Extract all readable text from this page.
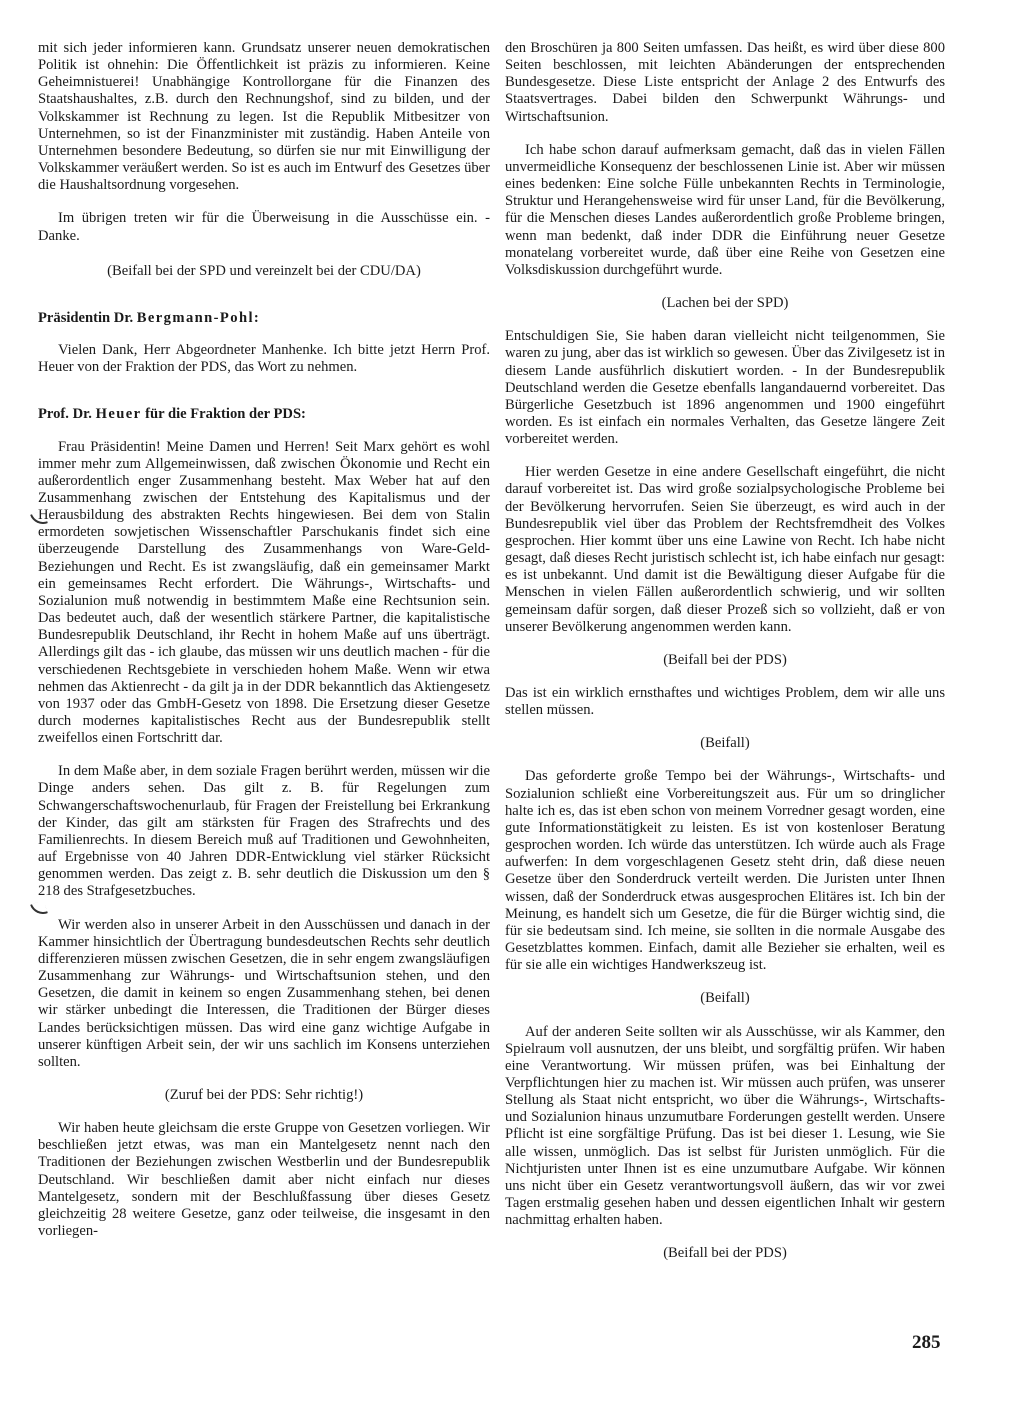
mit sich jeder informieren kann. Grundsatz unserer neuen demokratischen Politik ist ohnehin: Die Öffentlichkeit ist präzis zu informieren. Keine Geheimnistuerei! Unabhängige Kontrollorgane für die Finanzen des Staatshaushaltes, z.B. durch den Rechnungshof, sind zu bilden, und der Volkskammer ist Rechnung zu legen. Ist die Republik Mitbesitzer von Unternehmen, so ist der Finanzminister mit zuständig. Haben Anteile von Unternehmen besondere Bedeutung, so dürfen sie nur mit Einwilligung der Volkskammer veräußert werden. So ist es auch im Entwurf des Gesetzes über die Haushaltsordnung vorgesehen.

Im übrigen treten wir für die Überweisung in die Ausschüsse ein. - Danke.

(Beifall bei der SPD und vereinzelt bei der CDU/DA)

Präsidentin Dr. Bergmann-Pohl:

Vielen Dank, Herr Abgeordneter Manhenke. Ich bitte jetzt Herrn Prof. Heuer von der Fraktion der PDS, das Wort zu nehmen.

Prof. Dr. Heuer für die Fraktion der PDS:

Frau Präsidentin! Meine Damen und Herren! Seit Marx gehört es wohl immer mehr zum Allgemeinwissen, daß zwischen Ökonomie und Recht ein außerordentlich enger Zusammenhang besteht. Max Weber hat auf den Zusammenhang zwischen der Entstehung des Kapitalismus und der Herausbildung des abstrakten Rechts hingewiesen. Bei dem von Stalin ermordeten sowjetischen Wissenschaftler Parschukanis findet sich eine überzeugende Darstellung des Zusammenhangs von Ware-Geld-Beziehungen und Recht. Es ist zwangsläufig, daß ein gemeinsamer Markt ein gemeinsames Recht erfordert. Die Währungs-, Wirtschafts- und Sozialunion muß notwendig in bestimmtem Maße eine Rechtsunion sein. Das bedeutet auch, daß der wesentlich stärkere Partner, die kapitalistische Bundesrepublik Deutschland, ihr Recht in hohem Maße auf uns überträgt. Allerdings gilt das - ich glaube, das müssen wir uns deutlich machen - für die verschiedenen Rechtsgebiete in verschieden hohem Maße. Wenn wir etwa nehmen das Aktienrecht - da gilt ja in der DDR bekanntlich das Aktiengesetz von 1937 oder das GmbH-Gesetz von 1898. Die Ersetzung dieser Gesetze durch modernes kapitalistisches Recht aus der Bundesrepublik stellt zweifellos einen Fortschritt dar.

In dem Maße aber, in dem soziale Fragen berührt werden, müssen wir die Dinge anders sehen. Das gilt z. B. für Regelungen zum Schwangerschaftswochenurlaub, für Fragen der Freistellung bei Erkrankung der Kinder, das gilt am stärksten für Fragen des Strafrechts und des Familienrechts. In diesem Bereich muß auf Traditionen und Gewohnheiten, auf Ergebnisse von 40 Jahren DDR-Entwicklung viel stärker Rücksicht genommen werden. Das zeigt z. B. sehr deutlich die Diskussion um den § 218 des Strafgesetzbuches.

Wir werden also in unserer Arbeit in den Ausschüssen und danach in der Kammer hinsichtlich der Übertragung bundesdeutschen Rechts sehr deutlich differenzieren müssen zwischen Gesetzen, die in sehr engem zwangsläufigen Zusammenhang zur Währungs- und Wirtschaftsunion stehen, und den Gesetzen, die damit in keinem so engen Zusammenhang stehen, bei denen wir stärker unbedingt die Interessen, die Traditionen der Bürger dieses Landes berücksichtigen müssen. Das wird eine ganz wichtige Aufgabe in unserer künftigen Arbeit sein, der wir uns sachlich im Konsens unterziehen sollten.

(Zuruf bei der PDS: Sehr richtig!)

Wir haben heute gleichsam die erste Gruppe von Gesetzen vorliegen. Wir beschließen jetzt etwas, was man ein Mantelgesetz nennt nach den Traditionen der Beziehungen zwischen Westberlin und der Bundesrepublik Deutschland. Wir beschließen damit aber nicht einfach nur dieses Mantelgesetz, sondern mit der Beschlußfassung über dieses Gesetz gleichzeitig 28 weitere Gesetze, ganz oder teilweise, die insgesamt in den vorliegen-

den Broschüren ja 800 Seiten umfassen. Das heißt, es wird über diese 800 Seiten beschlossen, mit leichten Abänderungen der entsprechenden Bundesgesetze. Diese Liste entspricht der Anlage 2 des Entwurfs des Staatsvertrages. Dabei bilden den Schwerpunkt Währungs- und Wirtschaftsunion.

Ich habe schon darauf aufmerksam gemacht, daß das in vielen Fällen unvermeidliche Konsequenz der beschlossenen Linie ist. Aber wir müssen eines bedenken: Eine solche Fülle unbekannten Rechts in Terminologie, Struktur und Herangehensweise wird für unser Land, für die Bevölkerung, für die Menschen dieses Landes außerordentlich große Probleme bringen, wenn man bedenkt, daß inder DDR die Einführung neuer Gesetze monatelang vorbereitet wurde, daß über eine Reihe von Gesetzen eine Volksdiskussion durchgeführt wurde.

(Lachen bei der SPD)

Entschuldigen Sie, Sie haben daran vielleicht nicht teilgenommen, Sie waren zu jung, aber das ist wirklich so gewesen. Über das Zivilgesetz ist in diesem Lande ausführlich diskutiert worden. - In der Bundesrepublik Deutschland werden die Gesetze ebenfalls langandauernd vorbereitet. Das Bürgerliche Gesetzbuch ist 1896 angenommen und 1900 eingeführt worden. Es ist einfach ein normales Verhalten, das Gesetze längere Zeit vorbereitet werden.

Hier werden Gesetze in eine andere Gesellschaft eingeführt, die nicht darauf vorbereitet ist. Das wird große sozialpsychologische Probleme bei der Bevölkerung hervorrufen. Seien Sie überzeugt, es wird auch in der Bundesrepublik viel über das Problem der Rechtsfremdheit des Volkes gesprochen. Hier kommt über uns eine Lawine von Recht. Ich habe nicht gesagt, daß dieses Recht juristisch schlecht ist, ich habe einfach nur gesagt: es ist unbekannt. Und damit ist die Bewältigung dieser Aufgabe für die Menschen in vielen Fällen außerordentlich schwierig, und wir sollten gemeinsam dafür sorgen, daß dieser Prozeß sich so vollzieht, daß er von unserer Bevölkerung angenommen werden kann.

(Beifall bei der PDS)

Das ist ein wirklich ernsthaftes und wichtiges Problem, dem wir alle uns stellen müssen.

(Beifall)

Das geforderte große Tempo bei der Währungs-, Wirtschafts- und Sozialunion schließt eine Vorbereitungszeit aus. Für um so dringlicher halte ich es, das ist eben schon von meinem Vorredner gesagt worden, eine gute Informationstätigkeit zu leisten. Es ist von kostenloser Beratung gesprochen worden. Ich würde das unterstützen. Ich würde auch als Frage aufwerfen: In dem vorgeschlagenen Gesetz steht drin, daß diese neuen Gesetze über den Sonderdruck verteilt werden. Die Juristen unter Ihnen wissen, daß der Sonderdruck etwas ausgesprochen Elitäres ist. Ich bin der Meinung, es handelt sich um Gesetze, die für die Bürger wichtig sind, die für sie bedeutsam sind. Ich meine, sie sollten in die normale Ausgabe des Gesetzblattes kommen. Einfach, damit alle Bezieher sie erhalten, weil es für sie alle ein wichtiges Handwerkszeug ist.

(Beifall)

Auf der anderen Seite sollten wir als Ausschüsse, wir als Kammer, den Spielraum voll ausnutzen, der uns bleibt, und sorgfältig prüfen. Wir haben eine Verantwortung. Wir müssen prüfen, was bei Einhaltung der Verpflichtungen hier zu machen ist. Wir müssen auch prüfen, was unserer Stellung als Staat nicht entspricht, wo über die Währungs-, Wirtschafts- und Sozialunion hinaus unzumutbare Forderungen gestellt werden. Unsere Pflicht ist eine sorgfältige Prüfung. Das ist bei dieser 1. Lesung, wie Sie alle wissen, unmöglich. Das ist selbst für Juristen unmöglich. Für die Nichtjuristen unter Ihnen ist es eine unzumutbare Aufgabe. Wir können uns nicht über ein Gesetz verantwortungsvoll äußern, das wir vor zwei Tagen erstmalig gesehen haben und dessen eigentlichen Inhalt wir gestern nachmittag erhalten haben.

(Beifall bei der PDS)

285
